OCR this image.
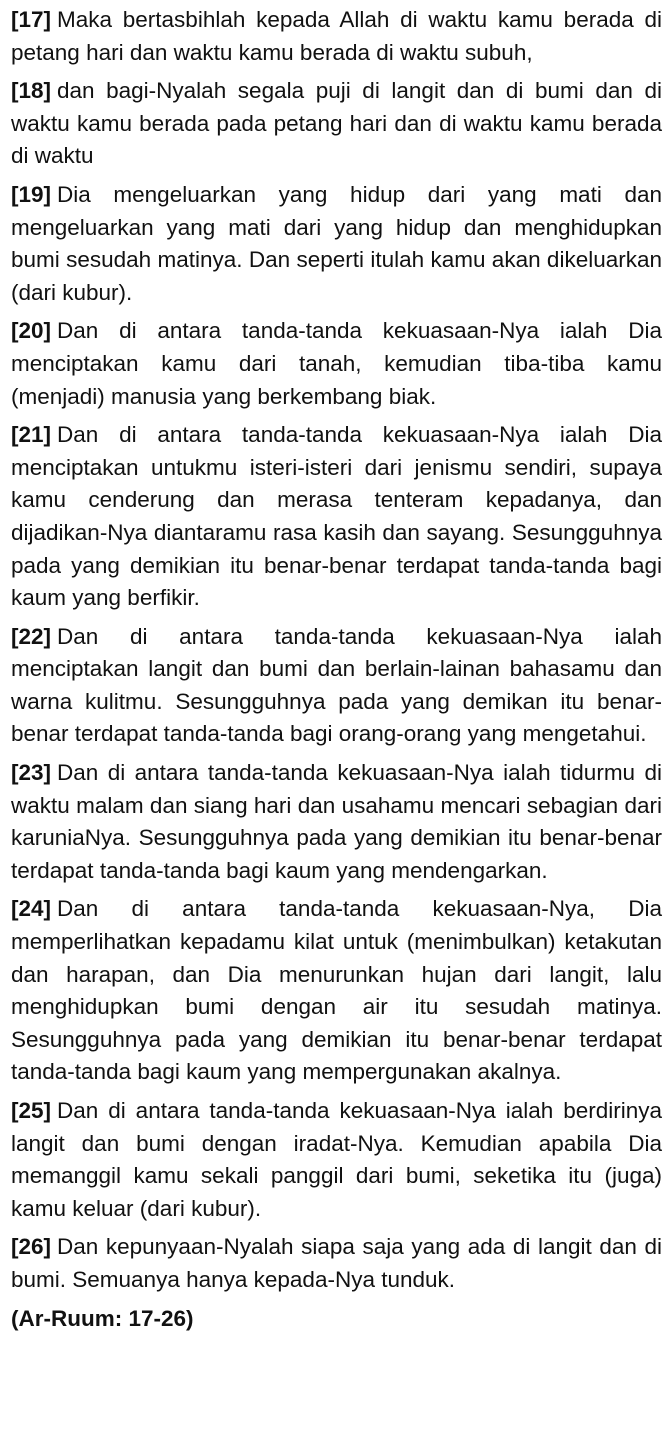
[17] Maka bertasbihlah kepada Allah di waktu kamu berada di petang hari dan waktu kamu berada di waktu subuh,

[18] dan bagi-Nyalah segala puji di langit dan di bumi dan di waktu kamu berada pada petang hari dan di waktu kamu berada di waktu

[19] Dia mengeluarkan yang hidup dari yang mati dan mengeluarkan yang mati dari yang hidup dan menghidupkan bumi sesudah matinya. Dan seperti itulah kamu akan dikeluarkan (dari kubur).

[20] Dan di antara tanda-tanda kekuasaan-Nya ialah Dia menciptakan kamu dari tanah, kemudian tiba-tiba kamu (menjadi) manusia yang berkembang biak.

[21] Dan di antara tanda-tanda kekuasaan-Nya ialah Dia menciptakan untukmu isteri-isteri dari jenismu sendiri, supaya kamu cenderung dan merasa tenteram kepadanya, dan dijadikan-Nya diantaramu rasa kasih dan sayang. Sesungguhnya pada yang demikian itu benar-benar terdapat tanda-tanda bagi kaum yang berfikir.

[22] Dan di antara tanda-tanda kekuasaan-Nya ialah menciptakan langit dan bumi dan berlain-lainan bahasamu dan warna kulitmu. Sesungguhnya pada yang demikan itu benar-benar terdapat tanda-tanda bagi orang-orang yang mengetahui.

[23] Dan di antara tanda-tanda kekuasaan-Nya ialah tidurmu di waktu malam dan siang hari dan usahamu mencari sebagian dari karuniaNya. Sesungguhnya pada yang demikian itu benar-benar terdapat tanda-tanda bagi kaum yang mendengarkan.

[24] Dan di antara tanda-tanda kekuasaan-Nya, Dia memperlihatkan kepadamu kilat untuk (menimbulkan) ketakutan dan harapan, dan Dia menurunkan hujan dari langit, lalu menghidupkan bumi dengan air itu sesudah matinya. Sesungguhnya pada yang demikian itu benar-benar terdapat tanda-tanda bagi kaum yang mempergunakan akalnya.

[25] Dan di antara tanda-tanda kekuasaan-Nya ialah berdirinya langit dan bumi dengan iradat-Nya. Kemudian apabila Dia memanggil kamu sekali panggil dari bumi, seketika itu (juga) kamu keluar (dari kubur).

[26] Dan kepunyaan-Nyalah siapa saja yang ada di langit dan di bumi. Semuanya hanya kepada-Nya tunduk.

(Ar-Ruum: 17-26)
